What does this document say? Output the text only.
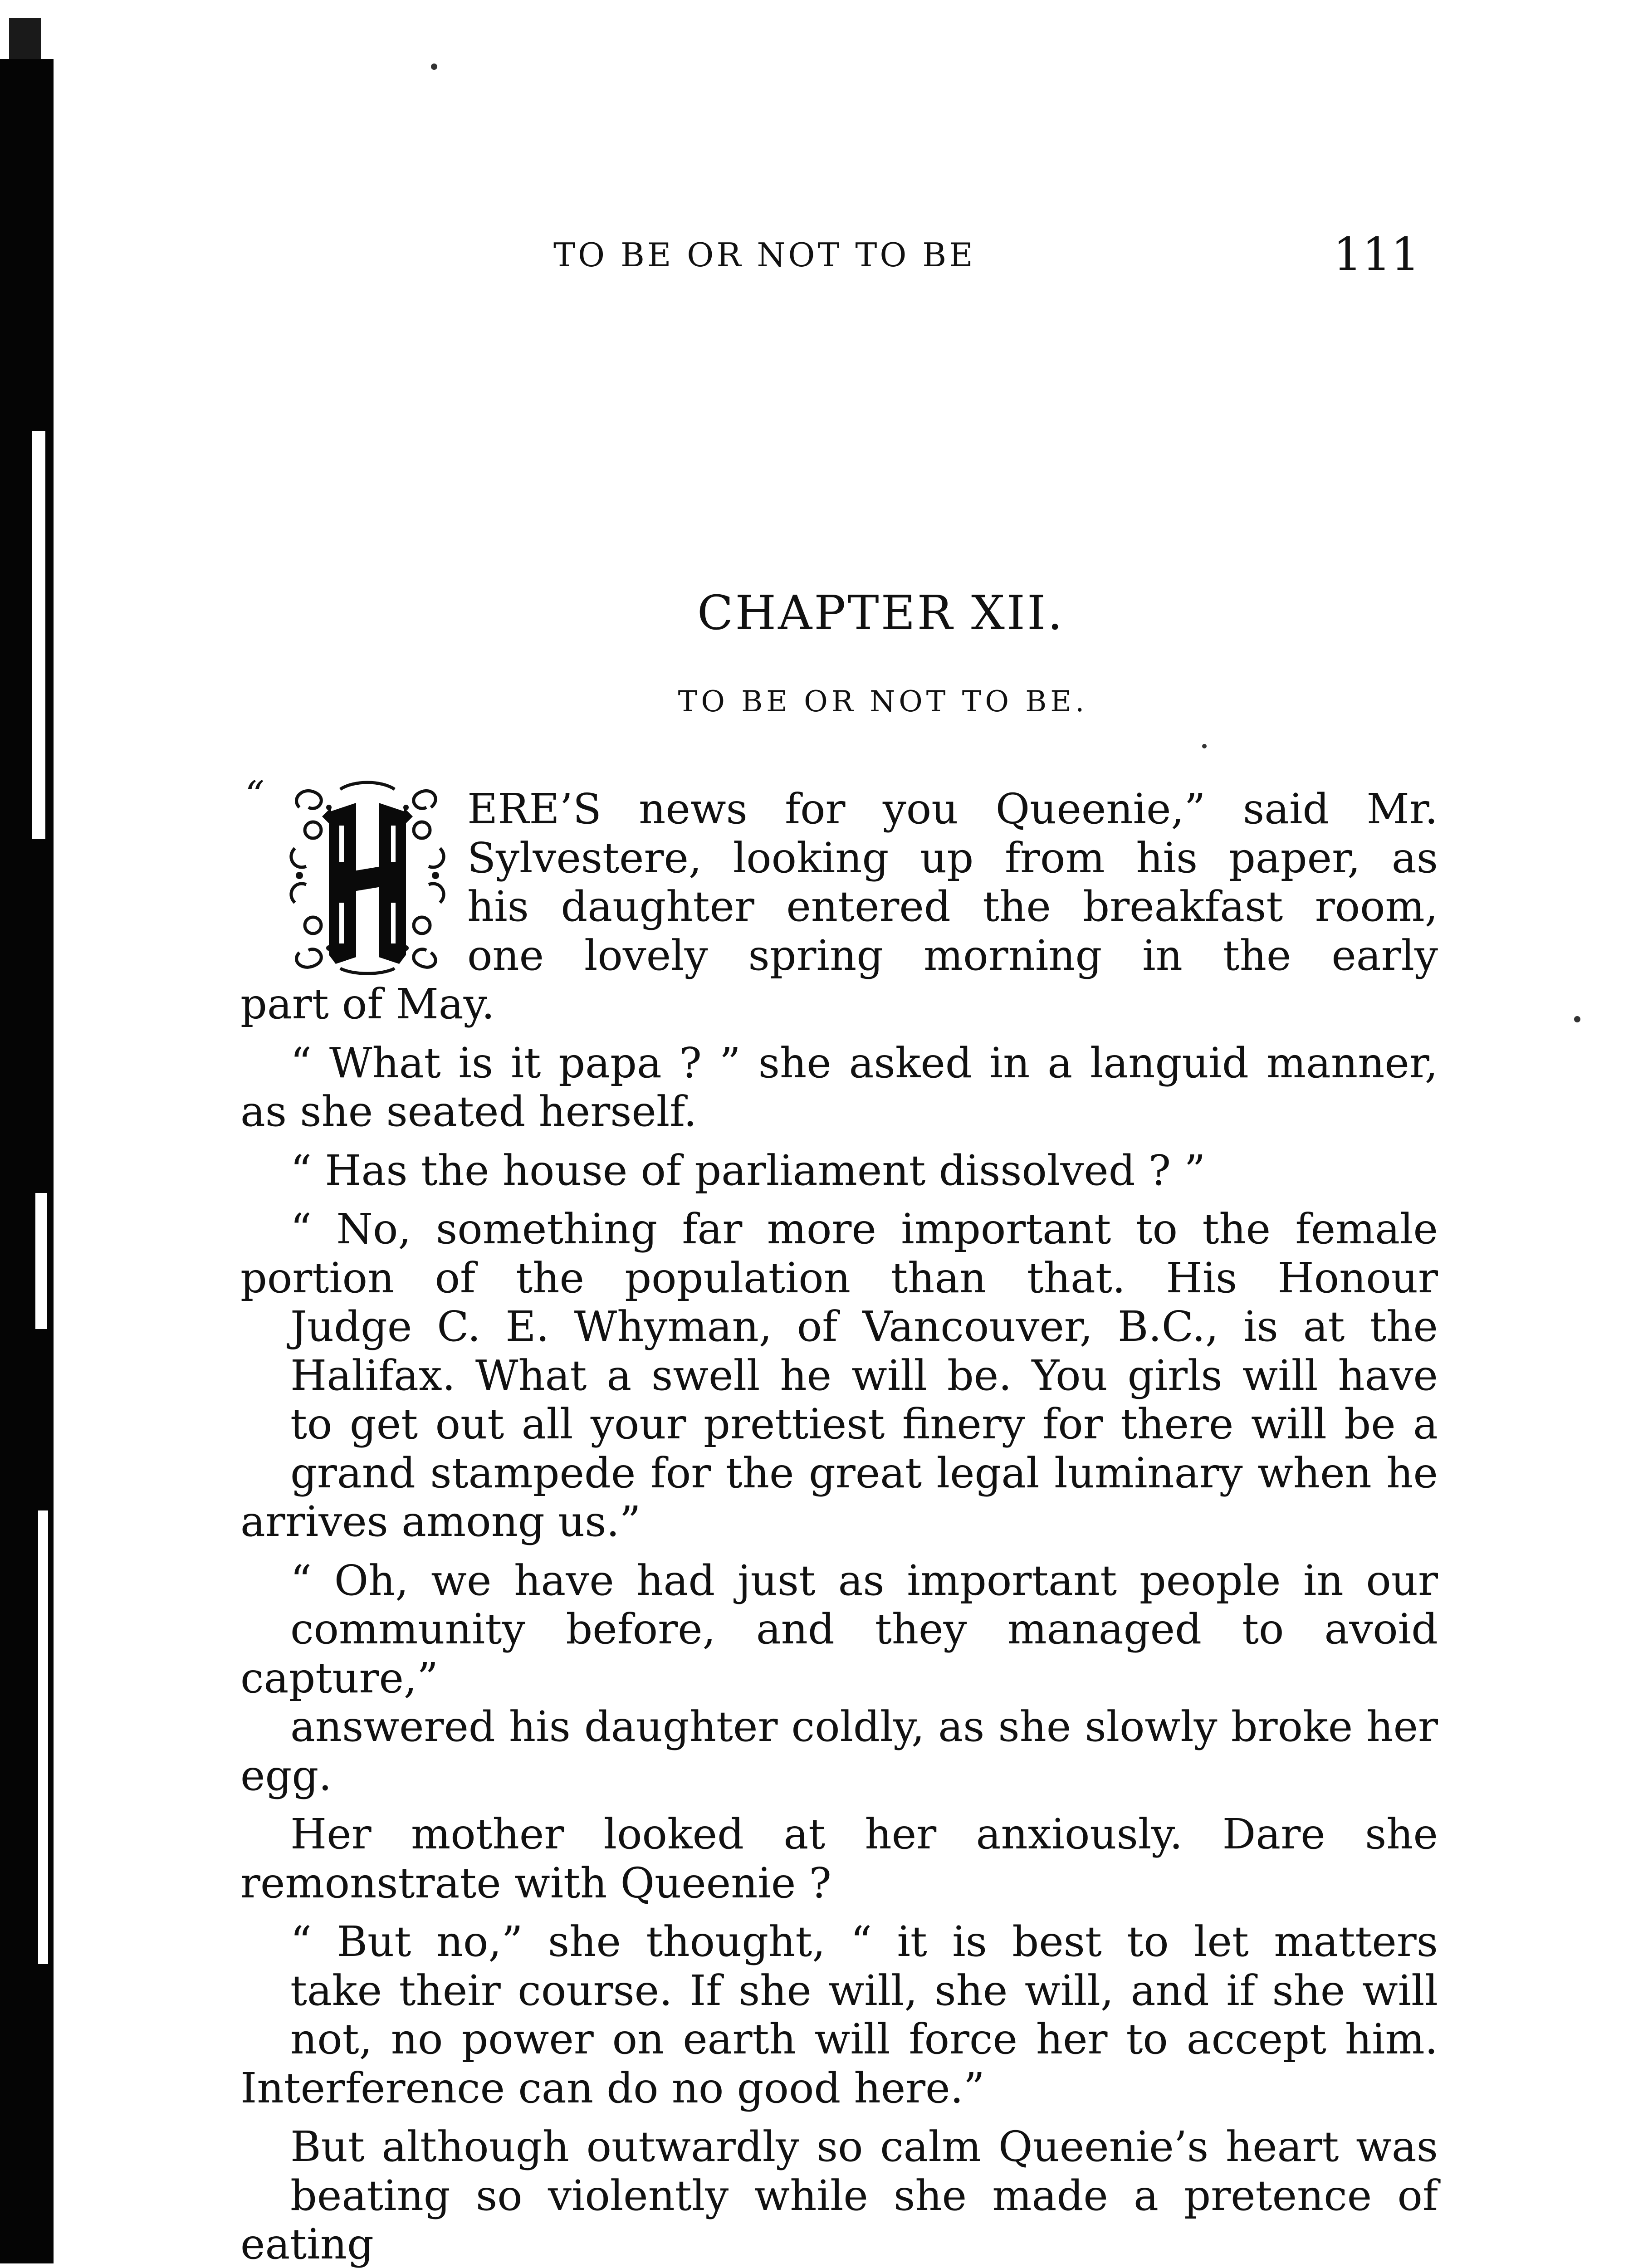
TO BE OR NOT TO BE	111
CHAPTER XII.
TO BE OR NOT TO BE.
“	ERE’S news for you Queenie,” said Mr.
Sylvestere, looking up from his paper, as
his daughter entered the breakfast room,
one lovely spring morning in the early
part of May.

“ What is it papa ? ” she asked in a languid manner,
as she seated herself.

“ Has the house of parliament dissolved ? ”

“ No, something far more important to the female
portion of the population than that. His Honour
Judge C. E. Whyman, of Vancouver, B.C., is at the
Halifax. What a swell he will be. You girls will have
to get out all your prettiest finery for there will be a
grand stampede for the great legal luminary when he
arrives among us.”

“ Oh, we have had just as important people in our
community before, and they managed to avoid capture,”
answered his daughter coldly, as she slowly broke her
egg.

Her mother looked at her anxiously. Dare she
remonstrate with Queenie ?

“ But no,” she thought, “ it is best to let matters
take their course. If she will, she will, and if she will
not, no power on earth will force her to accept him.
Interference can do no good here.”

But although outwardly so calm Queenie’s heart was
beating so violently while she made a pretence of eating
